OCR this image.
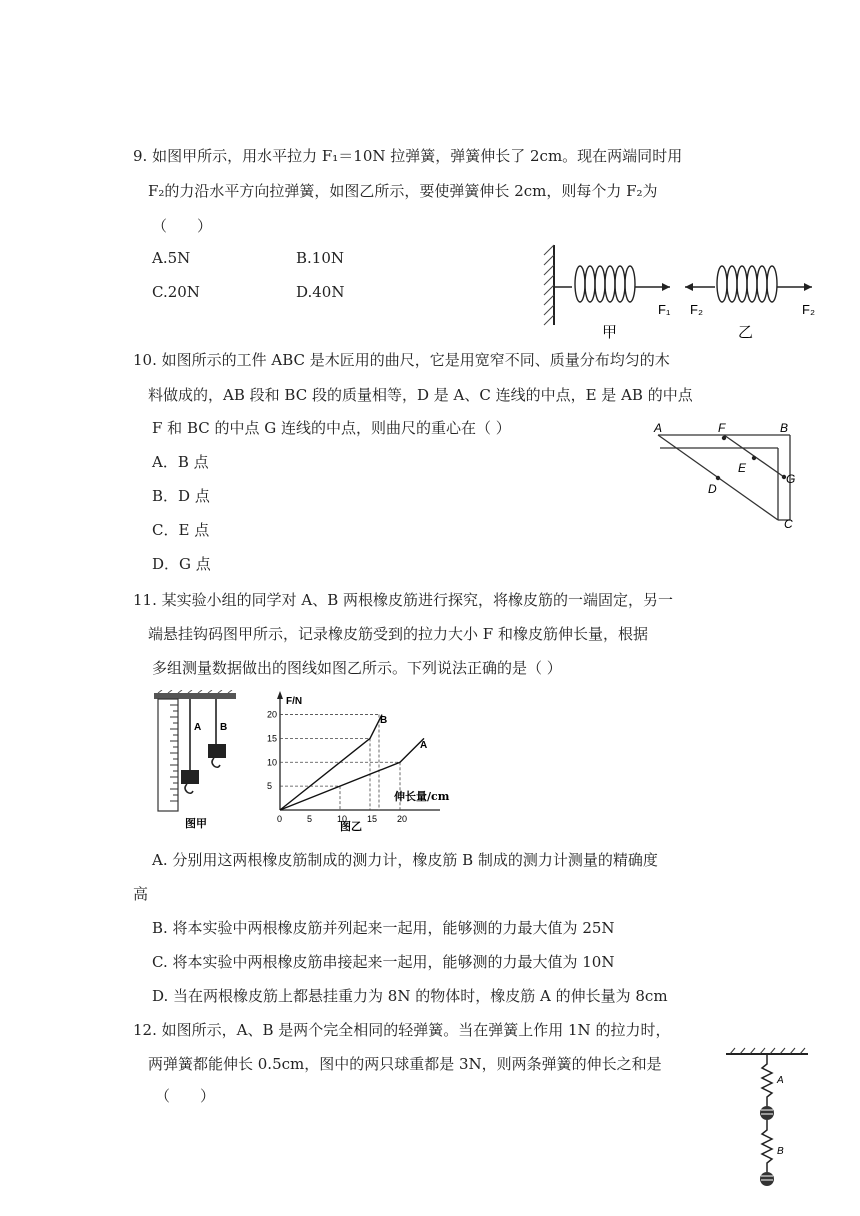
9. 如图甲所示，用水平拉力 F₁＝10N 拉弹簧，弹簧伸长了 2cm。现在两端同时用
F₂的力沿水平方向拉弹簧，如图乙所示，要使弹簧伸长 2cm，则每个力 F₂为
（　　）
A.5N	B.10N
C.20N	D.40N
F₁ F₂	F₂
甲	乙
10. 如图所示的工件 ABC 是木匠用的曲尺，它是用宽窄不同、质量分布均匀的木
料做成的，AB 段和 BC 段的质量相等，D 是 A、C 连线的中点，E 是 AB 的中点
F 和 BC 的中点 G 连线的中点，则曲尺的重心在（ ）
A．B 点
B．D 点
C．E 点
D．G 点
A	F	B
E
G
D
C
11. 某实验小组的同学对 A、B 两根橡皮筋进行探究，将橡皮筋的一端固定，另一
端悬挂钩码图甲所示，记录橡皮筋受到的拉力大小 F 和橡皮筋伸长量，根据
多组测量数据做出的图线如图乙所示。下列说法正确的是（ ）
A B
图甲
5
10
15
20
0	5	10 15 20
F/N
伸长量/cm
图乙
B
A
A. 分别用这两根橡皮筋制成的测力计，橡皮筋 B 制成的测力计测量的精确度
高
B. 将本实验中两根橡皮筋并列起来一起用，能够测的力最大值为 25N
C. 将本实验中两根橡皮筋串接起来一起用，能够测的力最大值为 10N
D. 当在两根橡皮筋上都悬挂重力为 8N 的物体时，橡皮筋 A 的伸长量为 8cm
12. 如图所示，A、B 是两个完全相同的轻弹簧。当在弹簧上作用 1N 的拉力时，
两弹簧都能伸长 0.5cm，图中的两只球重都是 3N，则两条弹簧的伸长之和是
（　　）
A
B
